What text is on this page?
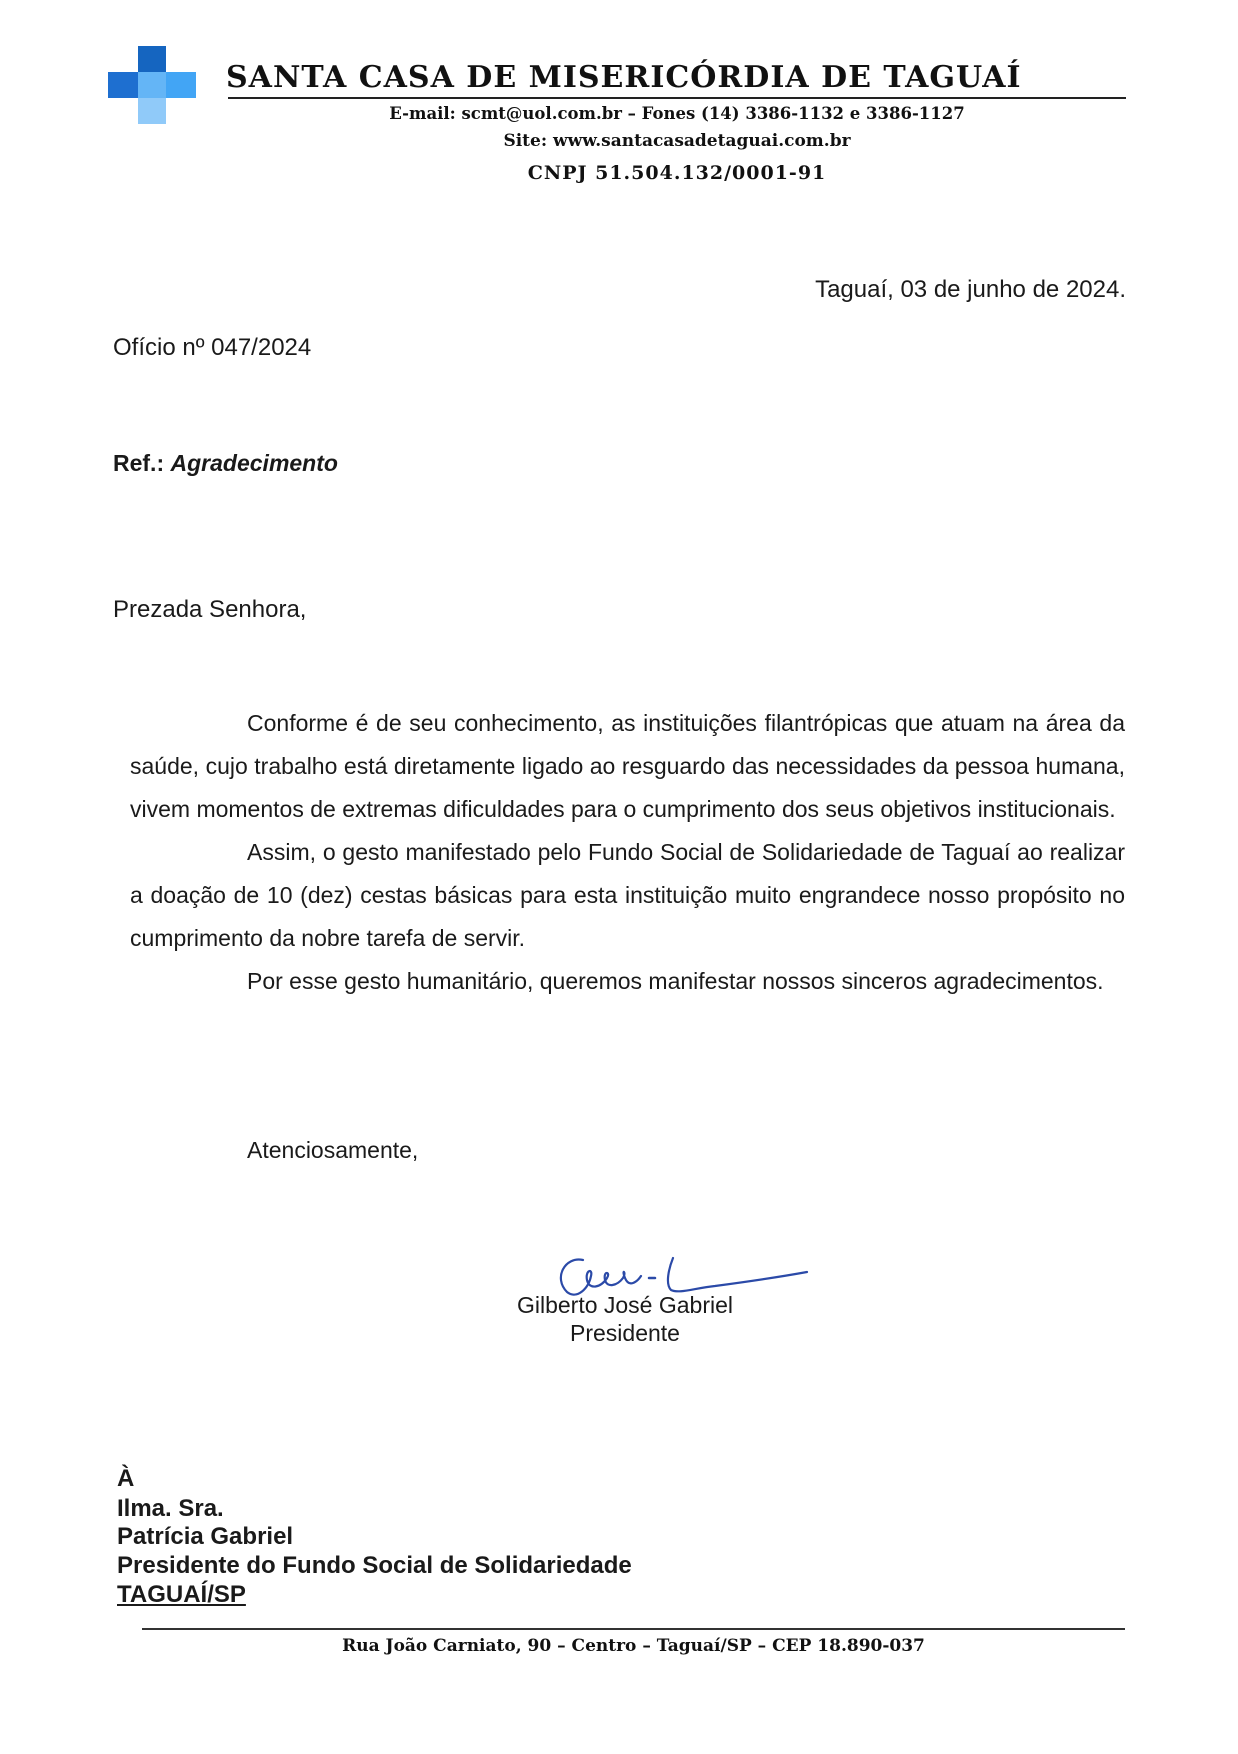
SANTA CASA DE MISERICÓRDIA DE TAGUAÍ
E-mail: scmt@uol.com.br – Fones (14) 3386-1132 e 3386-1127
Site: www.santacasadetaguai.com.br
CNPJ 51.504.132/0001-91
Taguaí, 03 de junho de 2024.
Ofício nº 047/2024
Ref.: Agradecimento
Prezada Senhora,

Conforme é de seu conhecimento, as instituições filantrópicas que atuam na área da saúde, cujo trabalho está diretamente ligado ao resguardo das necessidades da pessoa humana, vivem momentos de extremas dificuldades para o cumprimento dos seus objetivos institucionais.

Assim, o gesto manifestado pelo Fundo Social de Solidariedade de Taguaí ao realizar a doação de 10 (dez) cestas básicas para esta instituição muito engrandece nosso propósito no cumprimento da nobre tarefa de servir.

Por esse gesto humanitário, queremos manifestar nossos sinceros agradecimentos.

Atenciosamente,
Gilberto José Gabriel
Presidente
À
Ilma. Sra.
Patrícia Gabriel
Presidente do Fundo Social de Solidariedade
TAGUAÍ/SP
Rua João Carniato, 90 – Centro – Taguaí/SP – CEP 18.890-037
